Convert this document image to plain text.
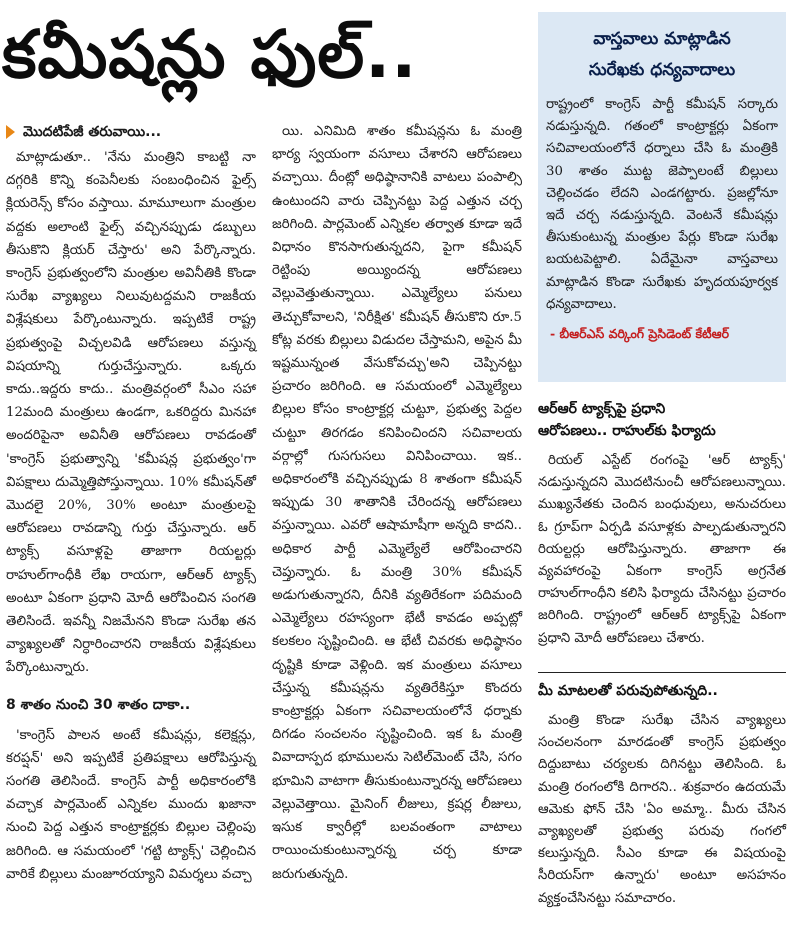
కమీషన్లు ఫుల్..
మొదటిపేజీ తరువాయి...

మాట్లాడుతూ.. 'నేను మంత్రిని కాబట్టి నా దగ్గరికి కొన్ని కంపెనీలకు సంబంధించిన ఫైల్స్ క్లియరెన్స్ కోసం వస్తాయి. మామూలుగా మంత్రుల వద్దకు అలాంటి ఫైల్స్ వచ్చినప్పుడు డబ్బులు తీసుకొని క్లియర్ చేస్తారు' అని పేర్కొన్నారు. కాంగ్రెస్ ప్రభుత్వంలోని మంత్రుల అవినీతికి కొండా సురేఖ వ్యాఖ్యలు నిలువుటద్దమని రాజకీయ విశ్లేషకులు పేర్కొంటున్నారు. ఇప్పటికే రాష్ట్ర ప్రభుత్వంపై విచ్చలవిడి ఆరోపణలు వస్తున్న విషయాన్ని గుర్తుచేస్తున్నారు. ఒక్కరు కాదు..ఇద్దరు కాదు.. మంత్రివర్గంలో సీఎం సహా 12మంది మంత్రులు ఉండగా, ఒకరిద్దరు మినహా అందరిపైనా అవినీతి ఆరోపణలు రావడంతో 'కాంగ్రెస్ ప్రభుత్వాన్ని 'కమీషన్ల ప్రభుత్వం'గా విపక్షాలు దుమ్మెత్తిపోస్తున్నాయి. 10% కమీషన్‌తో మొదలై 20%, 30% అంటూ మంత్రులపై ఆరోపణలు రావడాన్ని గుర్తు చేస్తున్నారు. ఆర్ ట్యాక్స్ వసూళ్లపై తాజాగా రియల్టర్లు రాహుల్‌గాంధీకి లేఖ రాయగా, ఆర్‌ఆర్ ట్యాక్స్ అంటూ ఏకంగా ప్రధాని మోదీ ఆరోపించిన సంగతి తెలిసిందే. ఇవన్నీ నిజమేనని కొండా సురేఖ తన వ్యాఖ్యలతో నిర్ధారించారని రాజకీయ విశ్లేషకులు పేర్కొంటున్నారు.

8 శాతం నుంచి 30 శాతం దాకా..

'కాంగ్రెస్ పాలన అంటే కమీషన్లు, కలెక్షన్లు, కరప్షన్' అని ఇప్పటికే ప్రతిపక్షాలు ఆరోపిస్తున్న సంగతి తెలిసిందే. కాంగ్రెస్ పార్టీ అధికారంలోకి వచ్చాక పార్లమెంట్ ఎన్నికల ముందు ఖజానా నుంచి పెద్ద ఎత్తున కాంట్రాక్టర్లకు బిల్లుల చెల్లింపు జరిగింది. ఆ సమయంలో 'గట్టి ట్యాక్స్' చెల్లించిన వారికే బిల్లులు మంజూరయ్యాని విమర్శలు వచ్చా

యి. ఎనిమిది శాతం కమీషన్లను ఓ మంత్రి భార్య స్వయంగా వసూలు చేశారని ఆరోపణలు వచ్చాయి. దీంట్లో అధిష్ఠానానికి వాటలు పంపాల్సి ఉంటుందని వారు చెప్పినట్టు పెద్ద ఎత్తున చర్చ జరిగింది. పార్లమెంట్ ఎన్నికల తర్వాత కూడా ఇదే విధానం కొనసాగుతున్నదని, పైగా కమీషన్ రెట్టింపు అయ్యిందన్న ఆరోపణలు వెల్లువెత్తుతున్నాయి. ఎమ్మెల్యేలు పనులు తెచ్చుకోవాలని, 'నిరీక్షిత' కమీషన్ తీసుకొని రూ.5 కోట్ల వరకు బిల్లులు విడుదల చేస్తామని, అపైన మీ ఇష్టమున్నంత వేసుకోవచ్చు'అని చెప్పినట్టు ప్రచారం జరిగింది. ఆ సమయంలో ఎమ్మెల్యేలు బిల్లుల కోసం కాంట్రాక్టర్ల చుట్టూ, ప్రభుత్వ పెద్దల చుట్టూ తిరగడం కనిపించిందని సచివాలయ వర్గాల్లో గుసగుసలు వినిపించాయి. ఇక.. అధికారంలోకి వచ్చినప్పుడు 8 శాతంగా కమీషన్ ఇప్పుడు 30 శాతానికి చేరిందన్న ఆరోపణలు వస్తున్నాయి. ఎవరో ఆషామాషీగా అన్నది కాదని.. అధికార పార్టీ ఎమ్మెల్యేలే ఆరోపించారని చెప్తున్నారు. ఓ మంత్రి 30% కమీషన్ అడుగుతున్నారని, దీనికి వ్యతిరేకంగా పదిమంది ఎమ్మెల్యేలు రహస్యంగా భేటీ కావడం అప్పట్లో కలకలం సృష్టించింది. ఆ భేటీ చివరకు అధిష్ఠానం దృష్టికి కూడా వెళ్లింది. ఇక మంత్రులు వసూలు చేస్తున్న కమీషన్లను వ్యతిరేకిస్తూ కొందరు కాంట్రాక్టర్లు ఏకంగా సచివాలయంలోనే ధర్నాకు దిగడం సంచలనం సృష్టించింది. ఇక ఓ మంత్రి వివాదాస్పద భూములను సెటిల్‌మెంట్ చేసి, సగం భూమిని వాటాగా తీసుకుంటున్నారన్న ఆరోపణలు వెల్లువెత్తాయి. మైనింగ్ లీజులు, క్రషర్ల లీజులు, ఇసుక క్వారీల్లో బలవంతంగా వాటాలు రాయించుకుంటున్నారన్న చర్చ కూడా జరుగుతున్నది.

వాస్తవాలు మాట్లాడిన
సురేఖకు ధన్యవాదాలు
రాష్ట్రంలో కాంగ్రెస్ పార్టీ కమీషన్ సర్కారు నడుస్తున్నది. గతంలో కాంట్రాక్టర్లు ఏకంగా సచివాలయంలోనే ధర్నాలు చేసి ఓ మంత్రికి 30 శాతం ముట్ట జెప్పాలంటే బిల్లులు చెల్లించడం లేదని ఎండగట్టారు. ప్రజల్లోనూ ఇదే చర్చ నడుస్తున్నది. వెంటనే కమీషన్లు తీసుకుంటున్న మంత్రుల పేర్లు కొండా సురేఖ బయటపెట్టాలి. ఏదేమైనా వాస్తవాలు మాట్లాడిన కొండా సురేఖకు హృదయపూర్వక ధన్యవాదాలు.
- బీఆర్ఎస్ వర్కింగ్ ప్రెసిడెంట్ కేటీఆర్
ఆర్‌ఆర్ ట్యాక్స్‌పై ప్రధాని
ఆరోపణలు.. రాహుల్‌కు ఫిర్యాదు

రియల్ ఎస్టేట్ రంగంపై 'ఆర్ ట్యాక్స్' నడుస్తున్నదని మొదటినుంచీ ఆరోపణలున్నాయి. ముఖ్యనేతకు చెందిన బంధువులు, అనుచరులు ఓ గ్రూప్‌గా ఏర్పడి వసూళ్లకు పాల్పడుతున్నారని రియల్టర్లు ఆరోపిస్తున్నారు. తాజాగా ఈ వ్యవహారంపై ఏకంగా కాంగ్రెస్ అగ్రనేత రాహుల్‌గాంధీని కలిసి ఫిర్యాదు చేసినట్టు ప్రచారం జరిగింది. రాష్ట్రంలో ఆర్‌ఆర్ ట్యాక్స్‌పై ఏకంగా ప్రధాని మోదీ ఆరోపణలు చేశారు.

మీ మాటలతో పరువుపోతున్నది..

మంత్రి కొండా సురేఖ చేసిన వ్యాఖ్యలు సంచలనంగా మారడంతో కాంగ్రెస్ ప్రభుత్వం దిద్దుబాటు చర్యలకు దిగినట్టు తెలిసింది. ఓ మంత్రి రంగంలోకి దిగారని.. శుక్రవారం ఉదయమే ఆమెకు ఫోన్ చేసి 'ఏం అమ్మా.. మీరు చేసిన వ్యాఖ్యలతో ప్రభుత్వ పరువు గంగలో కలుస్తున్నది. సీఎం కూడా ఈ విషయంపై సీరియస్‌గా ఉన్నారు' అంటూ అసహనం వ్యక్తంచేసినట్టు సమాచారం.
